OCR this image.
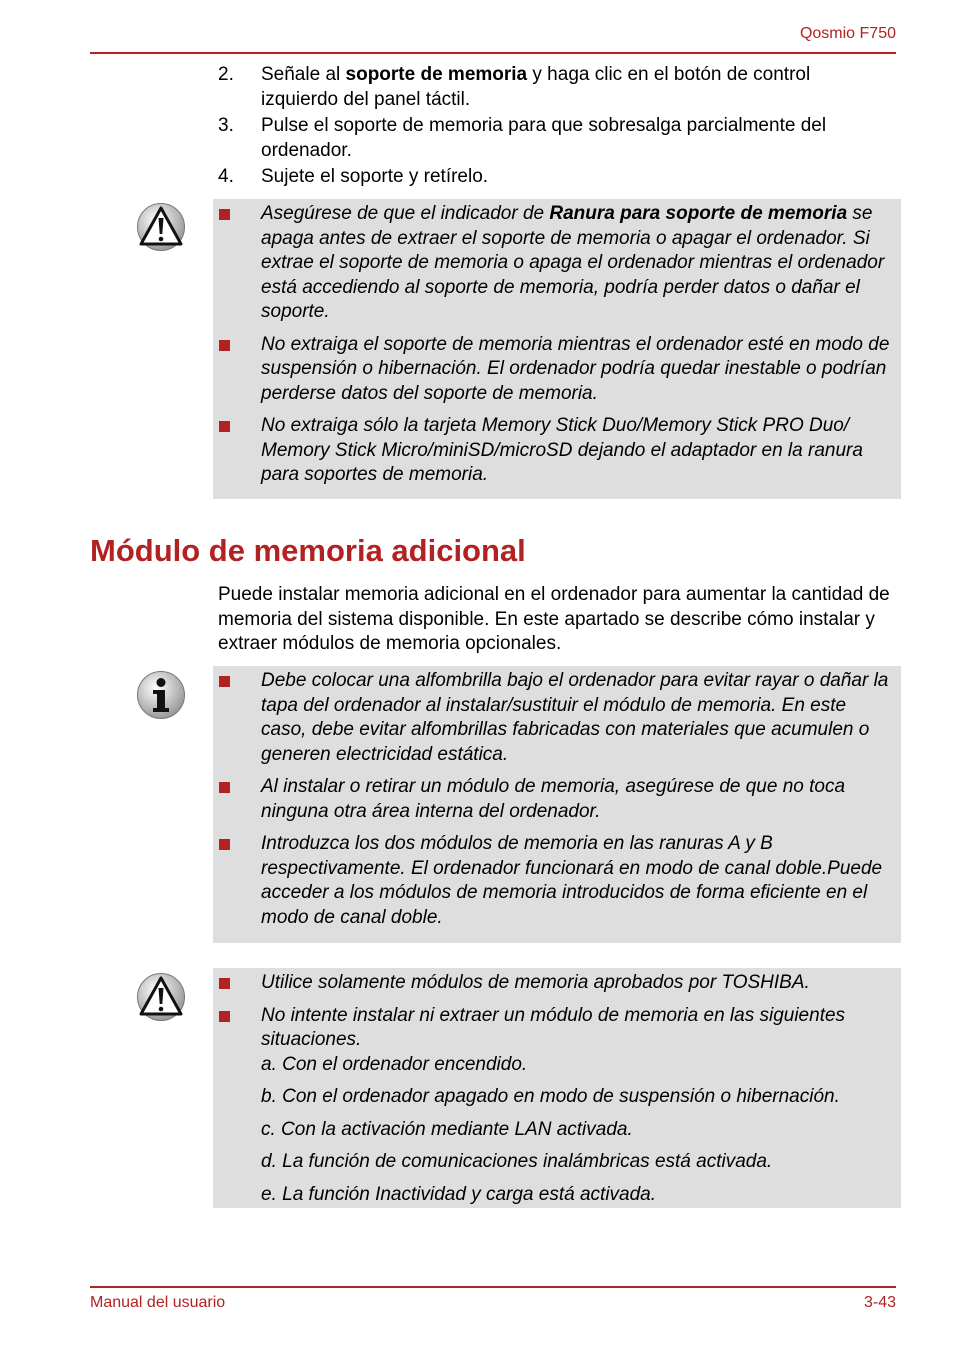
Qosmio F750
2. Señale al soporte de memoria y haga clic en el botón de control izquierdo del panel táctil.
3. Pulse el soporte de memoria para que sobresalga parcialmente del ordenador.
4. Sujete el soporte y retírelo.
Asegúrese de que el indicador de Ranura para soporte de memoria se apaga antes de extraer el soporte de memoria o apagar el ordenador. Si extrae el soporte de memoria o apaga el ordenador mientras el ordenador está accediendo al soporte de memoria, podría perder datos o dañar el soporte.
No extraiga el soporte de memoria mientras el ordenador esté en modo de suspensión o hibernación. El ordenador podría quedar inestable o podrían perderse datos del soporte de memoria.
No extraiga sólo la tarjeta Memory Stick Duo/Memory Stick PRO Duo/ Memory Stick Micro/miniSD/microSD dejando el adaptador en la ranura para soportes de memoria.
Módulo de memoria adicional

Puede instalar memoria adicional en el ordenador para aumentar la cantidad de memoria del sistema disponible. En este apartado se describe cómo instalar y extraer módulos de memoria opcionales.

Debe colocar una alfombrilla bajo el ordenador para evitar rayar o dañar la tapa del ordenador al instalar/sustituir el módulo de memoria. En este caso, debe evitar alfombrillas fabricadas con materiales que acumulen o generen electricidad estática.
Al instalar o retirar un módulo de memoria, asegúrese de que no toca ninguna otra área interna del ordenador.
Introduzca los dos módulos de memoria en las ranuras A y B respectivamente. El ordenador funcionará en modo de canal doble.Puede acceder a los módulos de memoria introducidos de forma eficiente en el modo de canal doble.
Utilice solamente módulos de memoria aprobados por TOSHIBA.
No intente instalar ni extraer un módulo de memoria en las siguientes situaciones.
a. Con el ordenador encendido.
b. Con el ordenador apagado en modo de suspensión o hibernación.
c. Con la activación mediante LAN activada.
d. La función de comunicaciones inalámbricas está activada.
e. La función Inactividad y carga está activada.
Manual del usuario	3-43
